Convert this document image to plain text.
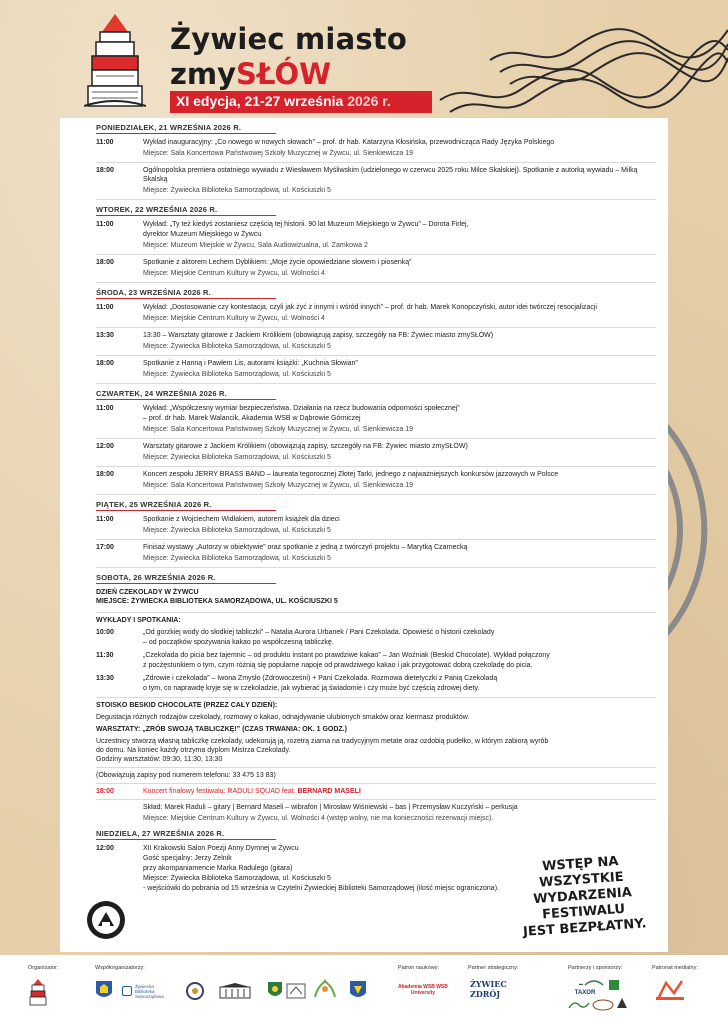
Żywiec miasto
zmySŁÓW
XI edycja, 21-27 września 2026 r.
PONIEDZIAŁEK, 21 WRZEŚNIA 2026 R.
11:00	Wykład inauguracyjny: „Co nowego w nowych słowach” – prof. dr hab. Katarzyna Kłosińska, przewodnicząca Rady Języka Polskiego

Miejsce: Sala Koncertowa Państwowej Szkoły Muzycznej w Żywcu, ul. Sienkiewicza 19

18:00	Ogólnopolska premiera ostatniego wywiadu z Wiesławem Myśliwskim (udzielonego w czerwcu 2025 roku Milce Skalskiej). Spotkanie z autorką wywiadu – Milką Skalską

Miejsce: Żywiecka Biblioteka Samorządowa, ul. Kościuszki 5

WTOREK, 22 WRZEŚNIA 2026 R.
11:00	Wykład: „Ty też kiedyś zostaniesz częścią tej historii. 90 lat Muzeum Miejskiego w Żywcu” – Dorota Firlej,

dyrektor Muzeum Miejskiego w Żywcu

Miejsce: Muzeum Miejskie w Żywcu, Sala Audiowizualna, ul. Zamkowa 2

18:00	Spotkanie z aktorem Lechem Dyblikiem: „Moje życie opowiedziane słowem i piosenką”

Miejsce: Miejskie Centrum Kultury w Żywcu, ul. Wolności 4

ŚRODA, 23 WRZEŚNIA 2026 R.
11:00	Wykład: „Dostosowanie czy kontestacja, czyli jak żyć z innymi i wśród innych” – prof. dr hab. Marek Konopczyński, autor idei twórczej resocjalizacji

Miejsce: Miejskie Centrum Kultury w Żywcu, ul. Wolności 4

13:30	13:30 – Warsztaty gitarowe z Jackiem Królikiem (obowiązują zapisy, szczegóły na FB: Żywiec miasto zmySŁÓW)

Miejsce: Żywiecka Biblioteka Samorządowa, ul. Kościuszki 5

18:00	Spotkanie z Hanną i Pawłem Lis, autorami książki: „Kuchnia Słowian”

Miejsce: Żywiecka Biblioteka Samorządowa, ul. Kościuszki 5

CZWARTEK, 24 WRZEŚNIA 2026 R.
11:00	Wykład: „Współczesny wymiar bezpieczeństwa. Działania na rzecz budowania odporności społecznej”

– prof. dr hab. Marek Walancik, Akademia WSB w Dąbrowie Górniczej

Miejsce: Sala Koncertowa Państwowej Szkoły Muzycznej w Żywcu, ul. Sienkiewicza 19

12:00	Warsztaty gitarowe z Jackiem Królikiem (obowiązują zapisy, szczegóły na FB: Żywiec miasto zmySŁÓW)

Miejsce: Żywiecka Biblioteka Samorządowa, ul. Kościuszki 5

18:00	Koncert zespołu JERRY BRASS BAND – laureata tegorocznej Złotej Tarki, jednego z najważniejszych konkursów jazzowych w Polsce

Miejsce: Sala Koncertowa Państwowej Szkoły Muzycznej w Żywcu, ul. Sienkiewicza 19

PIĄTEK, 25 WRZEŚNIA 2026 R.
11:00	Spotkanie z Wojciechem Widłakiem, autorem książek dla dzieci

Miejsce: Żywiecka Biblioteka Samorządowa, ul. Kościuszki 5

17:00	Finisaż wystawy „Autorzy w obiektywie” oraz spotkanie z jedną z twórczyń projektu – Marytką Czarnecką

Miejsce: Żywiecka Biblioteka Samorządowa, ul. Kościuszki 5

SOBOTA, 26 WRZEŚNIA 2026 R.
DZIEŃ CZEKOLADY W ŻYWCU
MIEJSCE: ŻYWIECKA BIBLIOTEKA SAMORZĄDOWA, UL. KOŚCIUSZKI 5
WYKŁADY I SPOTKANIA:
10:00	„Od gorzkiej wody do słodkiej tabliczki” – Natalia Aurora Urbanek / Pani Czekolada. Opowieść o historii czekolady

– od początków spożywania kakao po współczesną tabliczkę.

11:30	„Czekolada do picia bez tajemnic – od produktu instant po prawdziwe kakao” – Jan Woźniak (Beskid Chocolate). Wykład połączony

z pocżęstunkiem o tym, czym różnią się popularne napoje od prawdziwego kakao i jak przygotować dobrą czekoladę do picia.

13:30	„Zdrowie i czekolada” – Iwona Zmysło (Zdrowocześni) + Pani Czekolada. Rozmowa dietetyczki z Panią Czekoladą

o tym, co naprawdę kryje się w czekoladzie, jak wybierać ją świadomie i czy może być częścią zdrowej diety.

STOISKO BESKID CHOCOLATE (PRZEZ CAŁY DZIEŃ):
Degustacja różnych rodzajów czekolady, rozmowy o kakao, odnajdywanie ulubionych smaków oraz kiermasz produktów.
WARSZTATY: „ZRÓB SWOJĄ TABLICZKĘ!” (CZAS TRWANIA: OK. 1 GODZ.)
Uczestnicy stworzą własną tabliczkę czekolady, udekorują ją, rozetrą ziarna na tradycyjnym metate oraz ozdobią pudełko, w którym zabiorą wyrób
do domu. Na koniec każdy otrzyma dyplom Mistrza Czekolady.
Godziny warsztatów: 09:30, 11:30, 13:30
(Obowiązują zapisy pod numerem telefonu: 33 475 13 83)
18:00	Koncert finałowy festiwalu: RADULI SQUAD feat. BERNARD MASELI

Skład: Marek Raduli – gitary | Bernard Maseli – wibrafon | Mirosław Wiśniewski – bas | Przemysław Kuczyński – perkusja

Miejsce: Miejskie Centrum Kultury w Żywcu, ul. Wolności 4 (wstęp wolny, nie ma konieczności rezerwacji miejsc).

NIEDZIELA, 27 WRZEŚNIA 2026 R.
12:00	XII Krakowski Salon Poezji Anny Dymnej w Żywcu

Gość specjalny: Jerzy Zelnik

przy akompaniamencie Marka Radulego (gitara)

Miejsce: Żywiecka Biblioteka Samorządowa, ul. Kościuszki 5

- wejściówki do pobrania od 15 września w Czytelni Żywieckiej Biblioteki Samorządowej (ilość miejsc ograniczona).

WSTĘP NA WSZYSTKIE
WYDARZENIA FESTIWALU
JEST BEZPŁATNY.
Organizator:	Współorganizatorzy:	Patron naukowy:	Partner strategiczny:	Partnerzy i sponsorzy:	Patronat medialny:
Żywiecka Biblioteka Samorządowa
Akademia WSB WSB University
ŻYWIEC ZDRÓJ
▬
TAXOR
